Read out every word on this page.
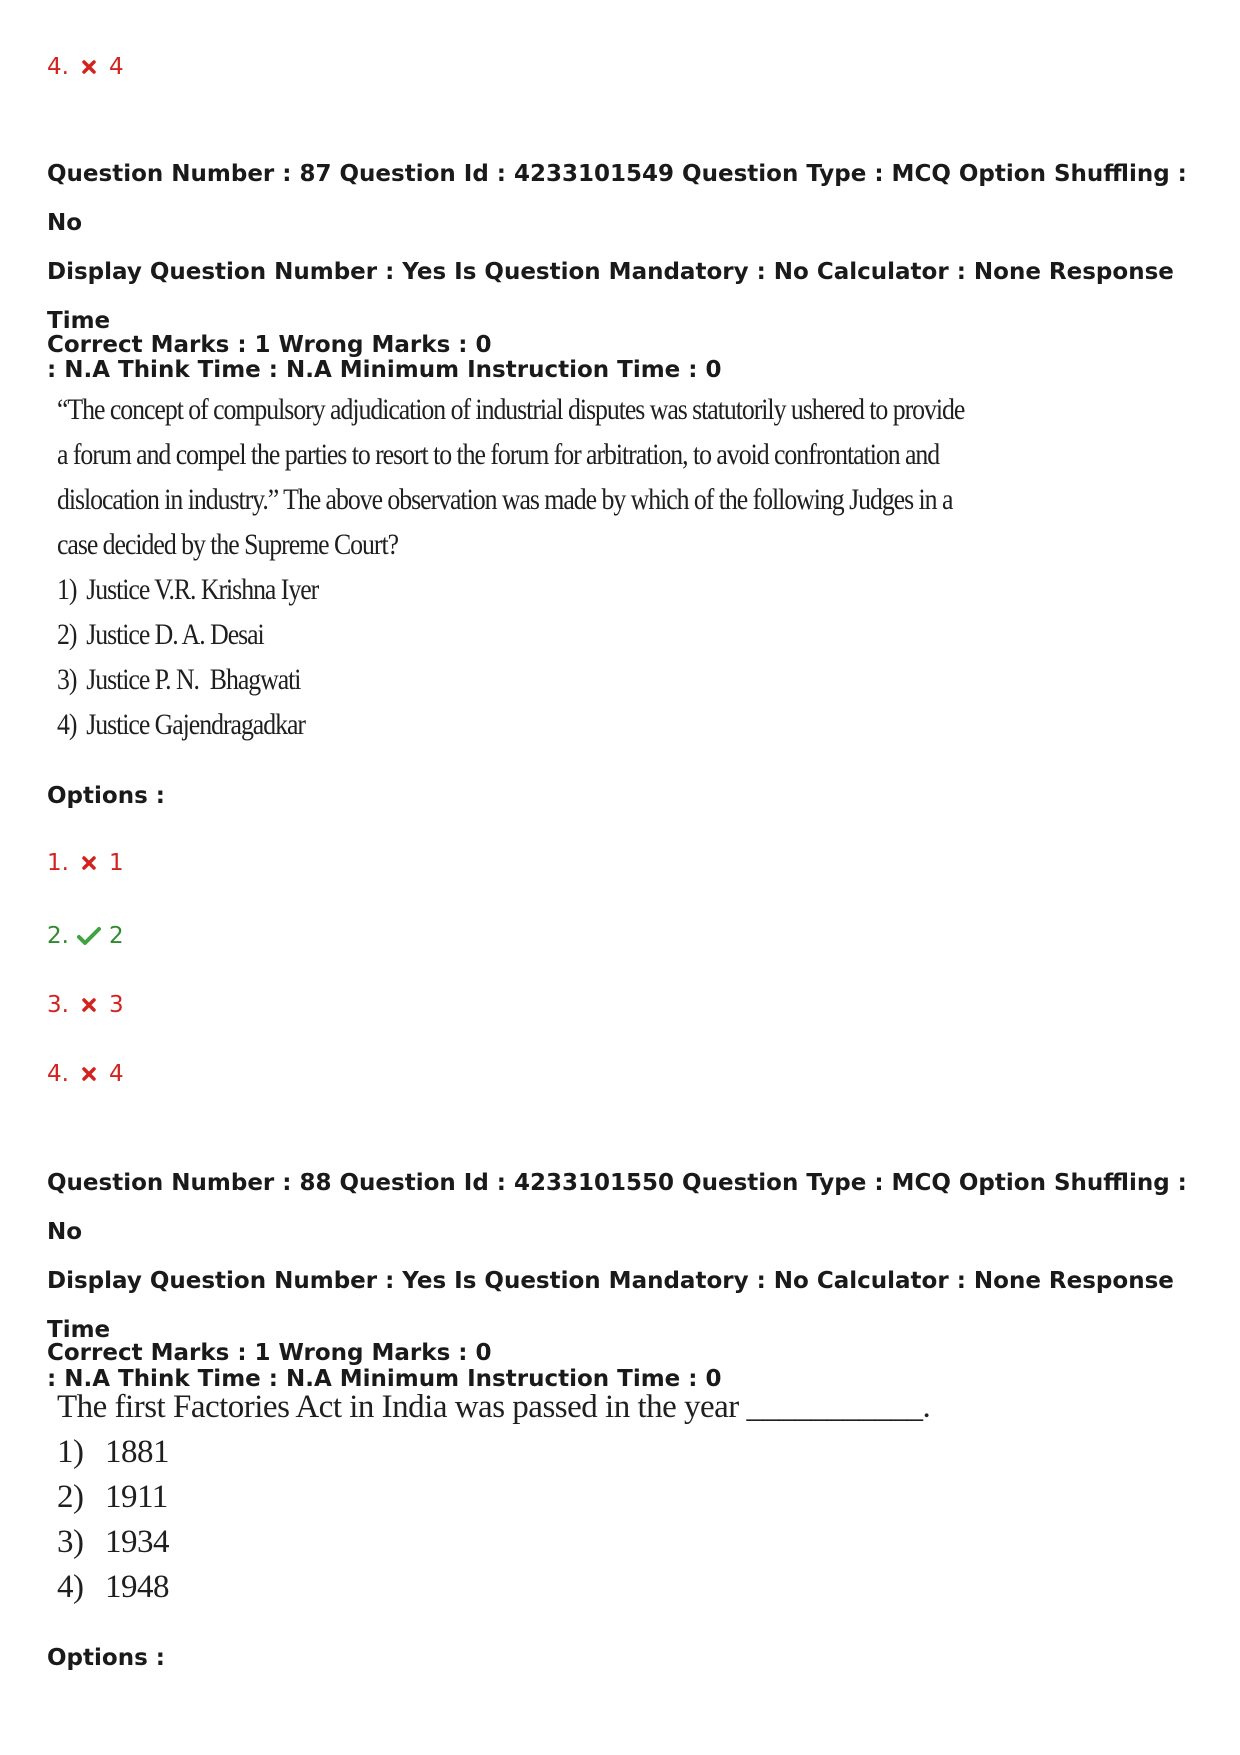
4. 4
Question Number : 87 Question Id : 4233101549 Question Type : MCQ Option Shuffling : No
Display Question Number : Yes Is Question Mandatory : No Calculator : None Response Time
: N.A Think Time : N.A Minimum Instruction Time : 0
Correct Marks : 1 Wrong Marks : 0
“The concept of compulsory adjudication of industrial disputes was statutorily ushered to provide
a forum and compel the parties to resort to the forum for arbitration, to avoid confrontation and
dislocation in industry.” The above observation was made by which of the following Judges in a
case decided by the Supreme Court?
1) Justice V.R. Krishna Iyer
2) Justice D. A. Desai
3) Justice P. N.  Bhagwati
4) Justice Gajendragadkar
Options :
1. 1
2. 2
3. 3
4. 4
Question Number : 88 Question Id : 4233101550 Question Type : MCQ Option Shuffling : No
Display Question Number : Yes Is Question Mandatory : No Calculator : None Response Time
: N.A Think Time : N.A Minimum Instruction Time : 0
Correct Marks : 1 Wrong Marks : 0
The first Factories Act in India was passed in the year ___________.
1) 1881
2) 1911
3) 1934
4) 1948
Options :
